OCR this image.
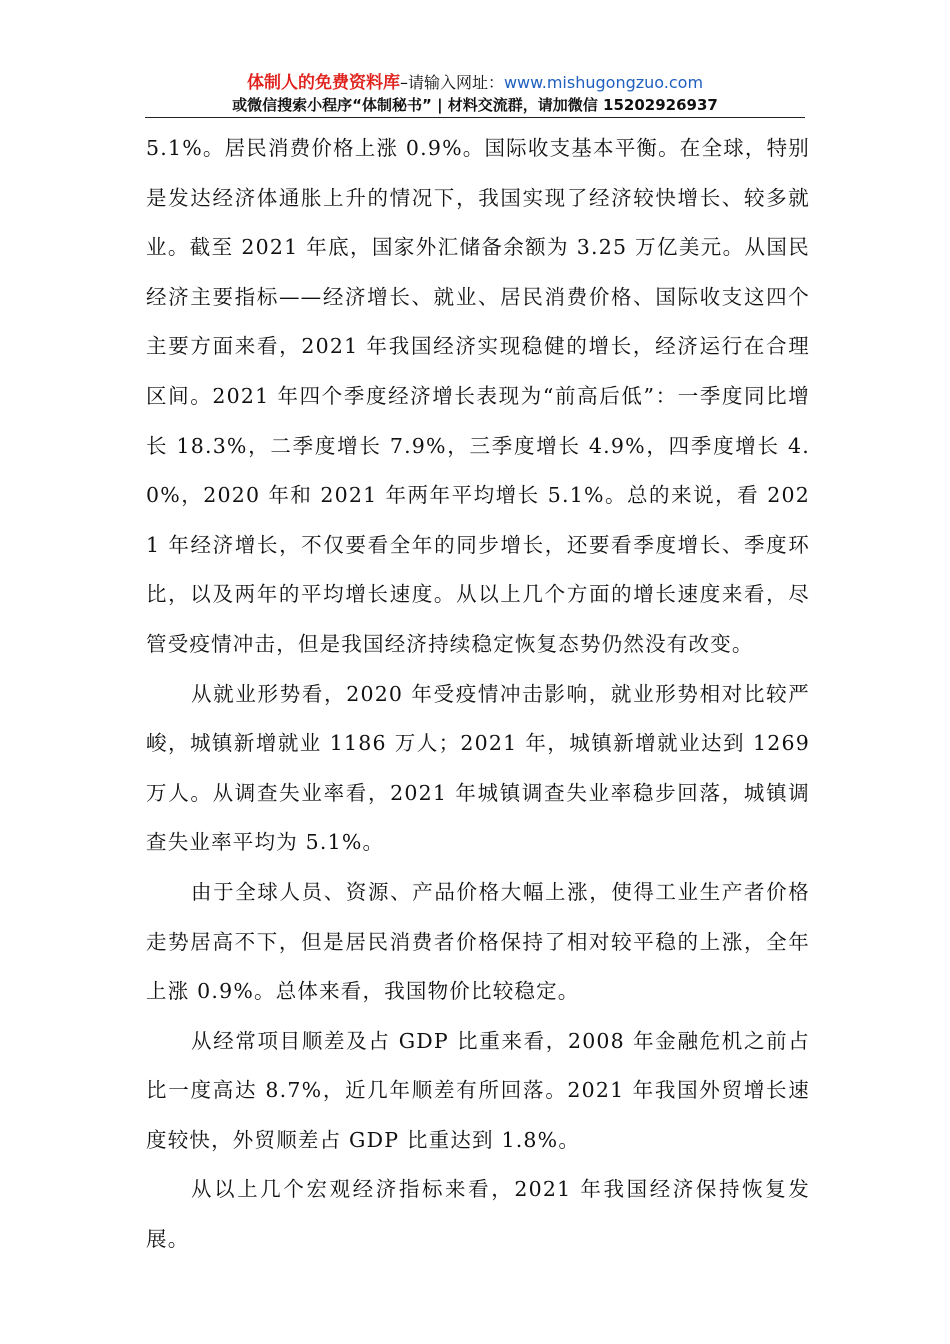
体制人的免费资料库–请输入网址：www.mishugongzuo.com
或微信搜索小程序“体制秘书” | 材料交流群，请加微信 15202926937

5.1%。居民消费价格上涨 0.9%。国际收支基本平衡。在全球，特别是发达经济体通胀上升的情况下，我国实现了经济较快增长、较多就业。截至 2021 年底，国家外汇储备余额为 3.25 万亿美元。从国民经济主要指标——经济增长、就业、居民消费价格、国际收支这四个主要方面来看，2021 年我国经济实现稳健的增长，经济运行在合理区间。2021 年四个季度经济增长表现为“前高后低”：一季度同比增长 18.3%，二季度增长 7.9%，三季度增长 4.9%，四季度增长 4.0%，2020 年和 2021 年两年平均增长 5.1%。总的来说，看 2021 年经济增长，不仅要看全年的同步增长，还要看季度增长、季度环比，以及两年的平均增长速度。从以上几个方面的增长速度来看，尽管受疫情冲击，但是我国经济持续稳定恢复态势仍然没有改变。

从就业形势看，2020 年受疫情冲击影响，就业形势相对比较严峻，城镇新增就业 1186 万人；2021 年，城镇新增就业达到 1269 万人。从调查失业率看，2021 年城镇调查失业率稳步回落，城镇调查失业率平均为 5.1%。

由于全球人员、资源、产品价格大幅上涨，使得工业生产者价格走势居高不下，但是居民消费者价格保持了相对较平稳的上涨，全年上涨 0.9%。总体来看，我国物价比较稳定。

从经常项目顺差及占 GDP 比重来看，2008 年金融危机之前占比一度高达 8.7%，近几年顺差有所回落。2021 年我国外贸增长速度较快，外贸顺差占 GDP 比重达到 1.8%。

从以上几个宏观经济指标来看，2021 年我国经济保持恢复发展。
